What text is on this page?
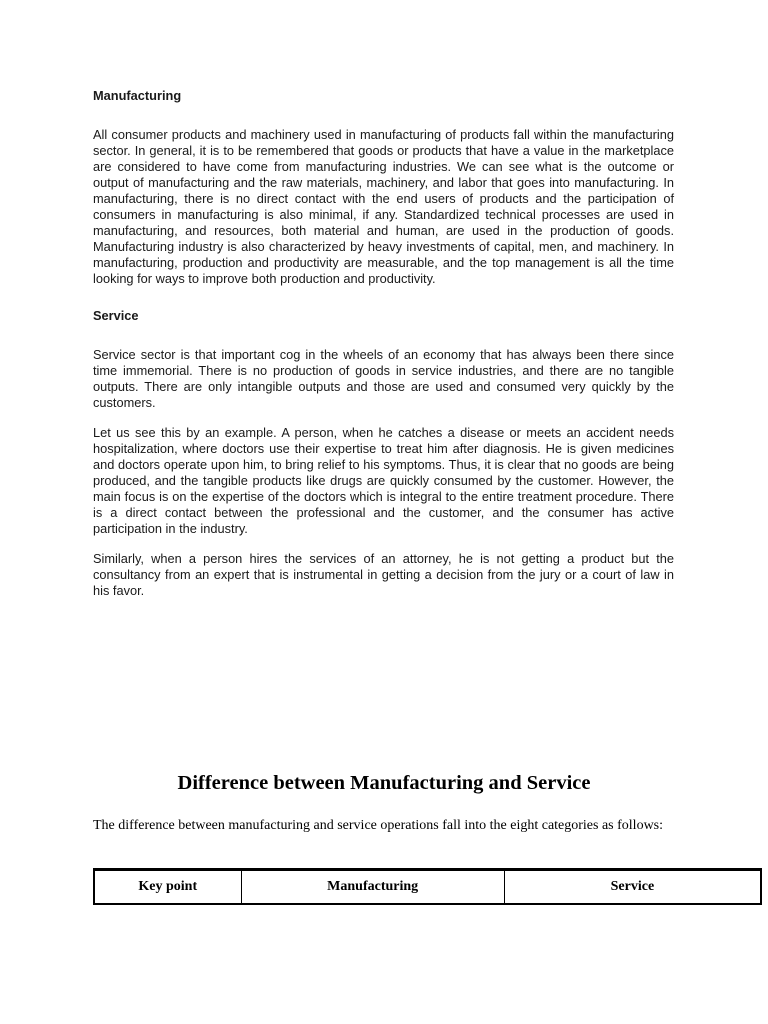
Manufacturing

All consumer products and machinery used in manufacturing of products fall within the manufacturing sector. In general, it is to be remembered that goods or products that have a value in the marketplace are considered to have come from manufacturing industries. We can see what is the outcome or output of manufacturing and the raw materials, machinery, and labor that goes into manufacturing. In manufacturing, there is no direct contact with the end users of products and the participation of consumers in manufacturing is also minimal, if any. Standardized technical processes are used in manufacturing, and resources, both material and human, are used in the production of goods. Manufacturing industry is also characterized by heavy investments of capital, men, and machinery. In manufacturing, production and productivity are measurable, and the top management is all the time looking for ways to improve both production and productivity.

Service

Service sector is that important cog in the wheels of an economy that has always been there since time immemorial. There is no production of goods in service industries, and there are no tangible outputs. There are only intangible outputs and those are used and consumed very quickly by the customers.

Let us see this by an example. A person, when he catches a disease or meets an accident needs hospitalization, where doctors use their expertise to treat him after diagnosis. He is given medicines and doctors operate upon him, to bring relief to his symptoms. Thus, it is clear that no goods are being produced, and the tangible products like drugs are quickly consumed by the customer. However, the main focus is on the expertise of the doctors which is integral to the entire treatment procedure. There is a direct contact between the professional and the customer, and the consumer has active participation in the industry.

Similarly, when a person hires the services of an attorney, he is not getting a product but the consultancy from an expert that is instrumental in getting a decision from the jury or a court of law in his favor.

Difference between Manufacturing and Service

The difference between manufacturing and service operations fall into the eight categories as follows:

Key point	Manufacturing	Service
